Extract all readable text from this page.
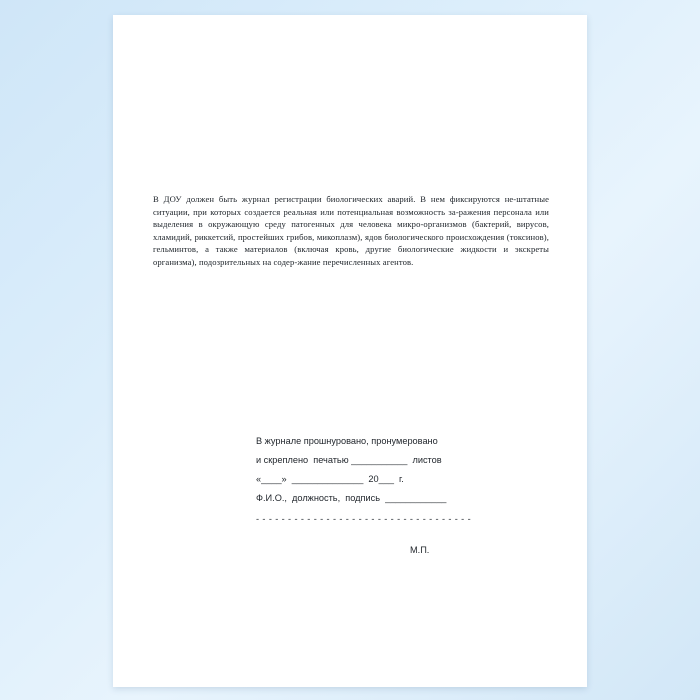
В ДОУ должен быть журнал регистрации биологических аварий. В нем фиксируются не-штатные ситуации, при которых создается реальная или потенциальная возможность за-ражения персонала или выделения в окружающую среду патогенных для человека микро-организмов (бактерий, вирусов, хламидий, риккетсий, простейших грибов, микоплазм), ядов биологического происхождения (токсинов), гельминтов, а также материалов (включая кровь, другие биологические жидкости и экскреты организма), подозрительных на содер-жание перечисленных агентов.

В журнале прошнуровано, пронумеровано
и скреплено  печатью ___________  листов
«____»  ______________  20___  г.
Ф.И.О.,  должность,  подпись  ____________
- - - - - - - - - - - - - - - - - - - - - - - - - - - - - - - - - -
М.П.
